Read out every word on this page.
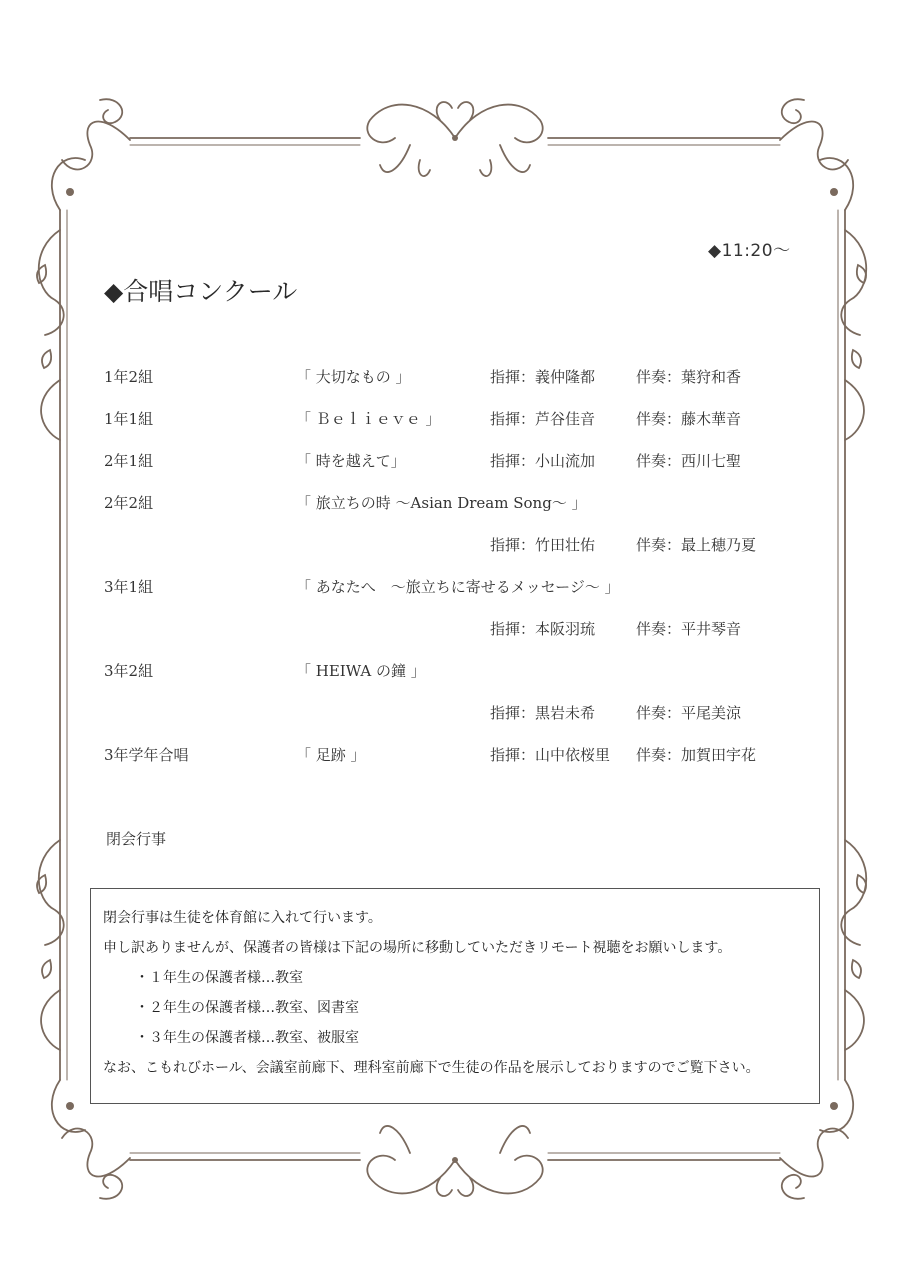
◆11:20～
◆合唱コンクール
1年2組	「 大切なもの 」	指揮：義仲隆都	伴奏：葉狩和香
1年1組	「 Ｂｅｌｉｅｖｅ 」	指揮：芦谷佳音	伴奏：藤木華音
2年1組	「 時を越えて」	指揮：小山流加	伴奏：西川七聖
2年2組	「 旅立ちの時 ～Asian Dream Song～ 」
指揮：竹田壮佑	伴奏：最上穂乃夏
3年1組	「 あなたへ　～旅立ちに寄せるメッセージ～ 」
指揮：本阪羽琉	伴奏：平井琴音
3年2組	「 HEIWA の鐘 」
指揮：黒岩未希	伴奏：平尾美涼
3年学年合唱	「 足跡 」	指揮：山中依桜里 伴奏：加賀田宇花
閉会行事
閉会行事は生徒を体育館に入れて行います。
申し訳ありませんが、保護者の皆様は下記の場所に移動していただきリモート視聴をお願いします。
・１年生の保護者様…教室
・２年生の保護者様…教室、図書室
・３年生の保護者様…教室、被服室
なお、こもれびホール、会議室前廊下、理科室前廊下で生徒の作品を展示しておりますのでご覧下さい。
